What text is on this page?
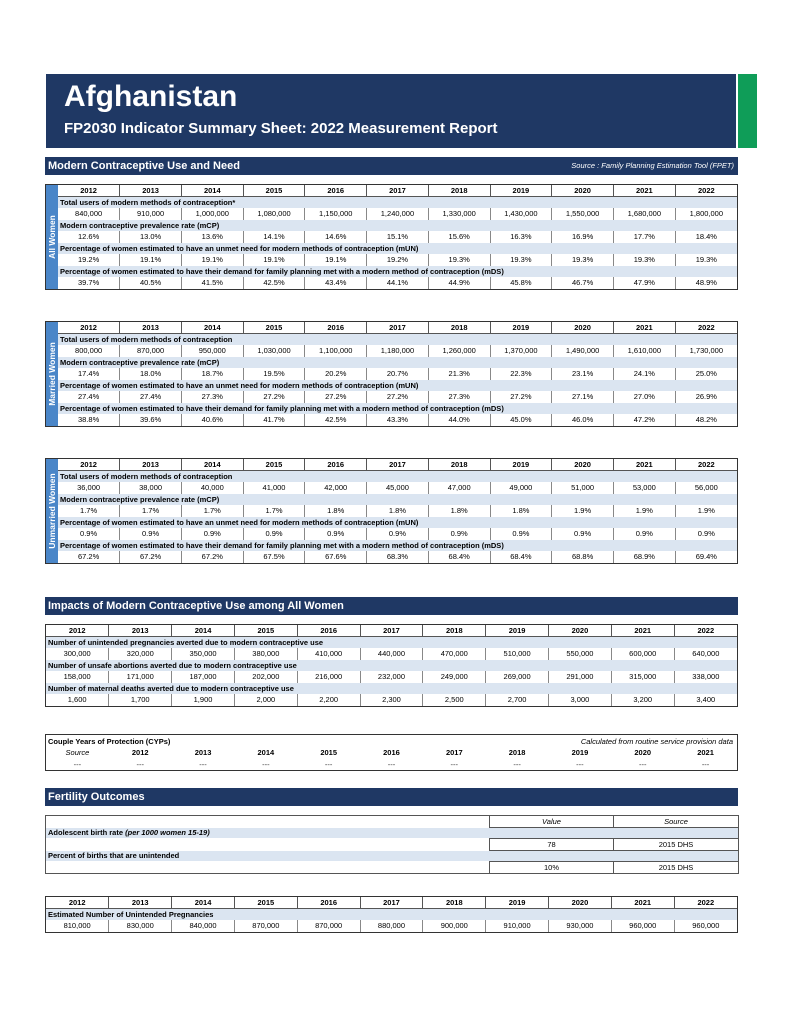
Afghanistan
FP2030 Indicator Summary Sheet: 2022 Measurement Report
Modern Contraceptive Use and Need	Source : Family Planning Estimation Tool (FPET)
All Women
2012	2013	2014	2015	2016	2017	2018	2019	2020	2021	2022
Total users of modern methods of contraception*										
840,000	910,000	1,000,000	1,080,000	1,150,000	1,240,000	1,330,000	1,430,000	1,550,000	1,680,000	1,800,000
Modern contraceptive prevalence rate (mCP)										
12.6%	13.0%	13.6%	14.1%	14.6%	15.1%	15.6%	16.3%	16.9%	17.7%	18.4%
Percentage of women estimated to have an unmet need for modern methods of contraception (mUN)										
19.2%	19.1%	19.1%	19.1%	19.1%	19.2%	19.3%	19.3%	19.3%	19.3%	19.3%
Percentage of women estimated to have their demand for family planning met with a modern method of contraception (mDS)										
39.7%	40.5%	41.5%	42.5%	43.4%	44.1%	44.9%	45.8%	46.7%	47.9%	48.9%
Married Women
2012	2013	2014	2015	2016	2017	2018	2019	2020	2021	2022
Total users of modern methods of contraception										
800,000	870,000	950,000	1,030,000	1,100,000	1,180,000	1,260,000	1,370,000	1,490,000	1,610,000	1,730,000
Modern contraceptive prevalence rate (mCP)										
17.4%	18.0%	18.7%	19.5%	20.2%	20.7%	21.3%	22.3%	23.1%	24.1%	25.0%
Percentage of women estimated to have an unmet need for modern methods of contraception (mUN)										
27.4%	27.4%	27.3%	27.2%	27.2%	27.2%	27.3%	27.2%	27.1%	27.0%	26.9%
Percentage of women estimated to have their demand for family planning met with a modern method of contraception (mDS)										
38.8%	39.6%	40.6%	41.7%	42.5%	43.3%	44.0%	45.0%	46.0%	47.2%	48.2%
Unmarried Women
2012	2013	2014	2015	2016	2017	2018	2019	2020	2021	2022
Total users of modern methods of contraception										
36,000	38,000	40,000	41,000	42,000	45,000	47,000	49,000	51,000	53,000	56,000
Modern contraceptive prevalence rate (mCP)										
1.7%	1.7%	1.7%	1.7%	1.8%	1.8%	1.8%	1.8%	1.9%	1.9%	1.9%
Percentage of women estimated to have an unmet need for modern methods of contraception (mUN)										
0.9%	0.9%	0.9%	0.9%	0.9%	0.9%	0.9%	0.9%	0.9%	0.9%	0.9%
Percentage of women estimated to have their demand for family planning met with a modern method of contraception (mDS)										
67.2%	67.2%	67.2%	67.5%	67.6%	68.3%	68.4%	68.4%	68.8%	68.9%	69.4%
Impacts of Modern Contraceptive Use among All Women
2012	2013	2014	2015	2016	2017	2018	2019	2020	2021	2022
Number of unintended pregnancies averted due to modern contraceptive use										
300,000	320,000	350,000	380,000	410,000	440,000	470,000	510,000	550,000	600,000	640,000
Number of unsafe abortions averted due to modern contraceptive use										
158,000	171,000	187,000	202,000	216,000	232,000	249,000	269,000	291,000	315,000	338,000
Number of maternal deaths averted due to modern contraceptive use										
1,600	1,700	1,900	2,000	2,200	2,300	2,500	2,700	3,000	3,200	3,400
Couple Years of Protection (CYPs)					Calculated from routine service provision data					
Source	2012	2013	2014	2015	2016	2017	2018	2019	2020	2021
---	---	---	---	---	---	---	---	---	---	---
Fertility Outcomes
	Value	Source
Adolescent birth rate (per 1000 women 15-19)		
	78	2015 DHS
Percent of births that are unintended		
	10%	2015 DHS
2012	2013	2014	2015	2016	2017	2018	2019	2020	2021	2022
Estimated Number of Unintended Pregnancies										
810,000	830,000	840,000	870,000	870,000	880,000	900,000	910,000	930,000	960,000	960,000
